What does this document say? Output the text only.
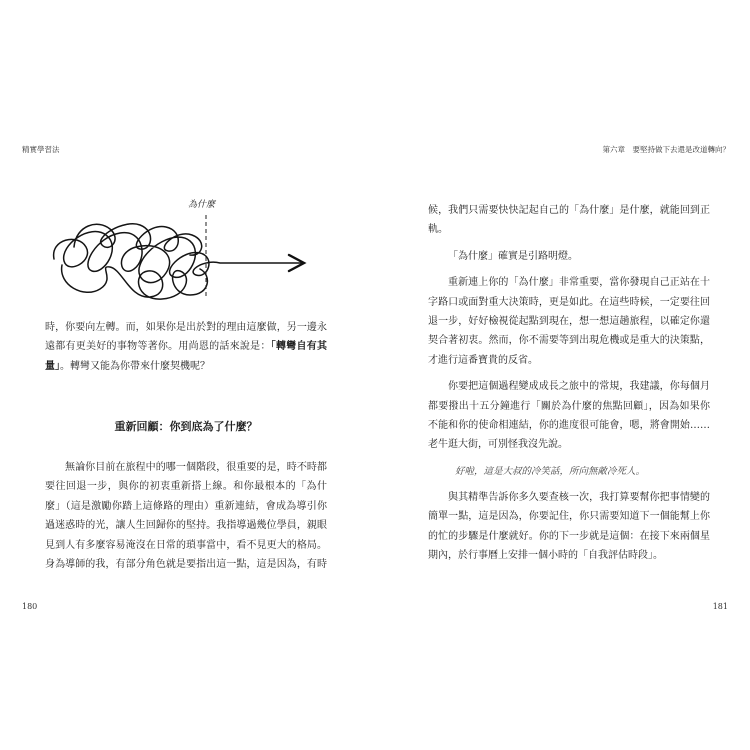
精實學習法
為什麼
時，你要向左轉。而，如果你是出於對的理由這麼做，另一邊永
遠都有更美好的事物等著你。用尚恩的話來說是：「轉彎自有其
量」。轉彎又能為你帶來什麼契機呢？
重新回顧：你到底為了什麼？
無論你目前在旅程中的哪一個階段，很重要的是，時不時都
要往回退一步，與你的初衷重新搭上線。和你最根本的「為什
麼」（這是激勵你踏上這條路的理由）重新連結，會成為導引你
過迷惑時的光，讓人生回歸你的堅持。我指導過幾位學員，親眼
見到人有多麼容易淹沒在日常的瑣事當中，看不見更大的格局。
身為導師的我，有部分角色就是要指出這一點，這是因為，有時
180
第六章　要堅持做下去還是改道轉向？
候，我們只需要快快記起自己的「為什麼」是什麼，就能回到正
軌。
「為什麼」確實是引路明燈。
重新連上你的「為什麼」非常重要，當你發現自己正站在十
字路口或面對重大決策時，更是如此。在這些時候，一定要往回
退一步，好好檢視從起點到現在，想一想這趟旅程，以確定你還
契合著初衷。然而，你不需要等到出現危機或是重大的決策點，
才進行這番寶貴的反省。
你要把這個過程變成成長之旅中的常規，我建議，你每個月
都要撥出十五分鐘進行「關於為什麼的焦點回顧」，因為如果你
不能和你的使命相連結，你的進度很可能會，嗯，將會開始……
老牛逛大街，可別怪我沒先說。
好啦，這是大叔的冷笑話，所向無敵冷死人。
與其精準告訴你多久要查核一次，我打算要幫你把事情變的
簡單一點，這是因為，你要記住，你只需要知道下一個能幫上你
的忙的步驟是什麼就好。你的下一步就是這個：在接下來兩個星
期內，於行事曆上安排一個小時的「自我評估時段」。
181
